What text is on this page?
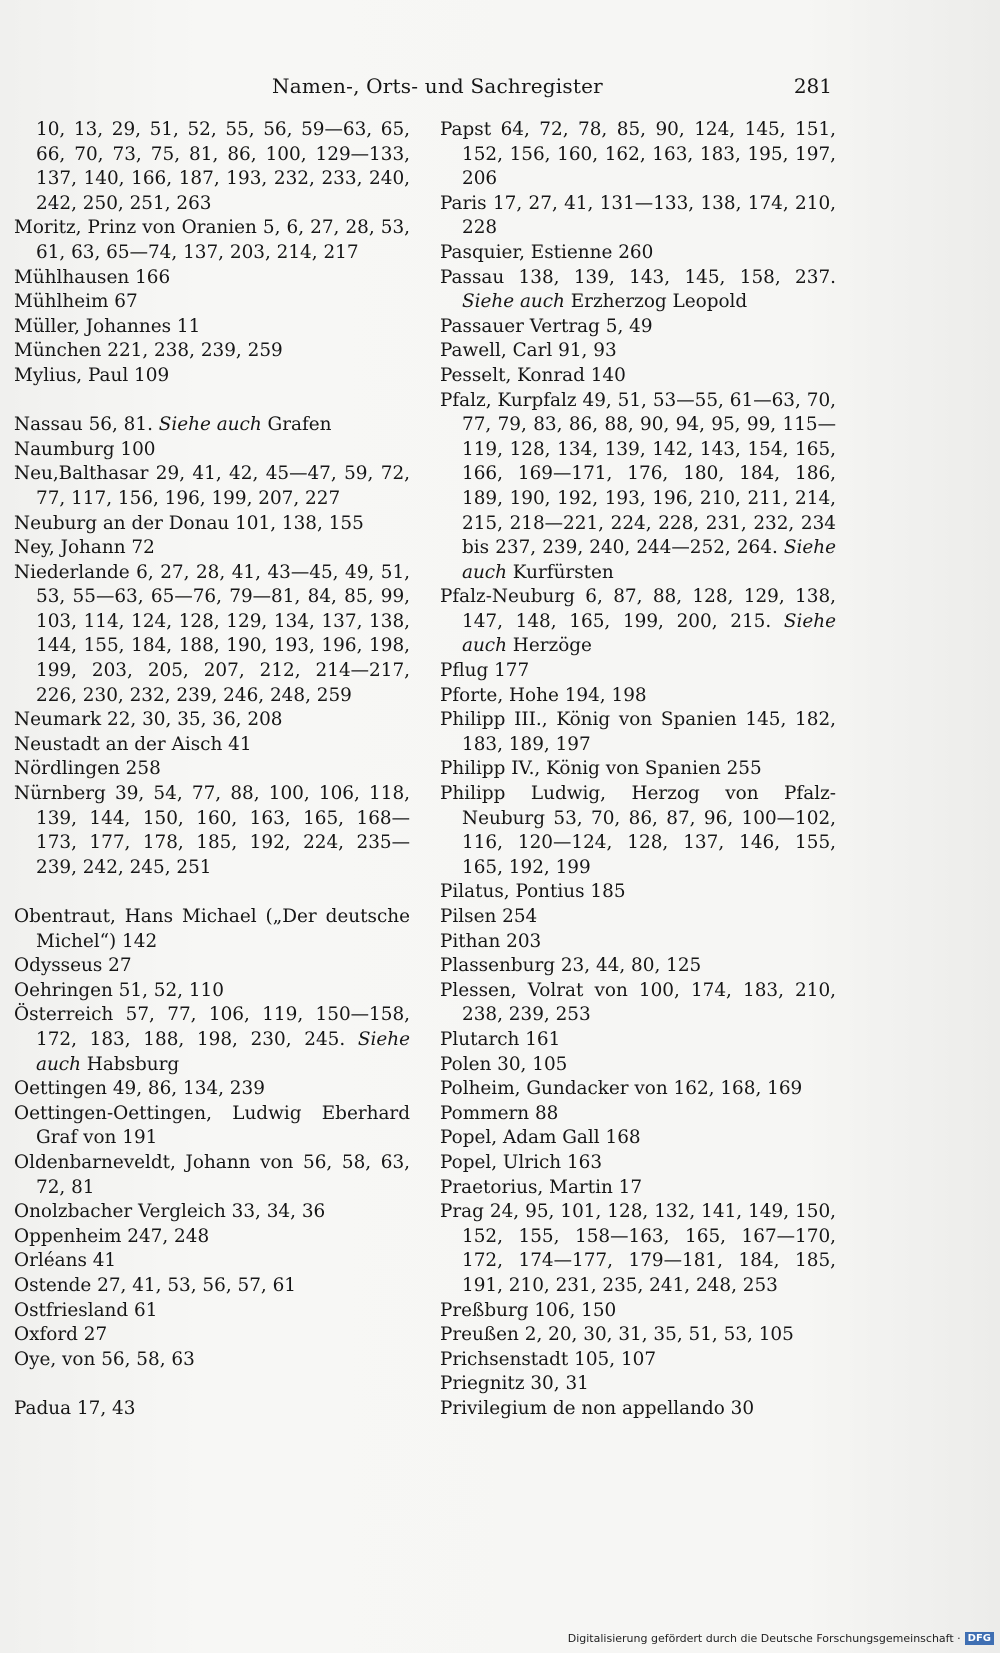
Namen-, Orts- und Sachregister	281
10, 13, 29, 51, 52, 55, 56, 59—63, 65, 66, 70, 73, 75, 81, 86, 100, 129—133, 137, 140, 166, 187, 193, 232, 233, 240, 242, 250, 251, 263
Moritz, Prinz von Oranien 5, 6, 27, 28, 53, 61, 63, 65—74, 137, 203, 214, 217
Mühlhausen 166
Mühlheim 67
Müller, Johannes 11
München 221, 238, 239, 259
Mylius, Paul 109
Nassau 56, 81. Siehe auch Grafen
Naumburg 100
Neu,Balthasar 29, 41, 42, 45—47, 59, 72, 77, 117, 156, 196, 199, 207, 227
Neuburg an der Donau 101, 138, 155
Ney, Johann 72
Niederlande 6, 27, 28, 41, 43—45, 49, 51, 53, 55—63, 65—76, 79—81, 84, 85, 99, 103, 114, 124, 128, 129, 134, 137, 138, 144, 155, 184, 188, 190, 193, 196, 198, 199, 203, 205, 207, 212, 214—217, 226, 230, 232, 239, 246, 248, 259
Neumark 22, 30, 35, 36, 208
Neustadt an der Aisch 41
Nördlingen 258
Nürnberg 39, 54, 77, 88, 100, 106, 118, 139, 144, 150, 160, 163, 165, 168—173, 177, 178, 185, 192, 224, 235—239, 242, 245, 251
Obentraut, Hans Michael („Der deutsche Michel“) 142
Odysseus 27
Oehringen 51, 52, 110
Österreich 57, 77, 106, 119, 150—158, 172, 183, 188, 198, 230, 245. Siehe auch Habsburg
Oettingen 49, 86, 134, 239
Oettingen-Oettingen, Ludwig Eberhard Graf von 191
Oldenbarneveldt, Johann von 56, 58, 63, 72, 81
Onolzbacher Vergleich 33, 34, 36
Oppenheim 247, 248
Orléans 41
Ostende 27, 41, 53, 56, 57, 61
Ostfriesland 61
Oxford 27
Oye, von 56, 58, 63
Padua 17, 43
Papst 64, 72, 78, 85, 90, 124, 145, 151, 152, 156, 160, 162, 163, 183, 195, 197, 206
Paris 17, 27, 41, 131—133, 138, 174, 210, 228
Pasquier, Estienne 260
Passau 138, 139, 143, 145, 158, 237. Siehe auch Erzherzog Leopold
Passauer Vertrag 5, 49
Pawell, Carl 91, 93
Pesselt, Konrad 140
Pfalz, Kurpfalz 49, 51, 53—55, 61—63, 70, 77, 79, 83, 86, 88, 90, 94, 95, 99, 115—119, 128, 134, 139, 142, 143, 154, 165, 166, 169—171, 176, 180, 184, 186, 189, 190, 192, 193, 196, 210, 211, 214, 215, 218—221, 224, 228, 231, 232, 234 bis 237, 239, 240, 244—252, 264. Siehe auch Kurfürsten
Pfalz-Neuburg 6, 87, 88, 128, 129, 138, 147, 148, 165, 199, 200, 215. Siehe auch Herzöge
Pflug 177
Pforte, Hohe 194, 198
Philipp III., König von Spanien 145, 182, 183, 189, 197
Philipp IV., König von Spanien 255
Philipp Ludwig, Herzog von Pfalz-Neuburg 53, 70, 86, 87, 96, 100—102, 116, 120—124, 128, 137, 146, 155, 165, 192, 199
Pilatus, Pontius 185
Pilsen 254
Pithan 203
Plassenburg 23, 44, 80, 125
Plessen, Volrat von 100, 174, 183, 210, 238, 239, 253
Plutarch 161
Polen 30, 105
Polheim, Gundacker von 162, 168, 169
Pommern 88
Popel, Adam Gall 168
Popel, Ulrich 163
Praetorius, Martin 17
Prag 24, 95, 101, 128, 132, 141, 149, 150, 152, 155, 158—163, 165, 167—170, 172, 174—177, 179—181, 184, 185, 191, 210, 231, 235, 241, 248, 253
Preßburg 106, 150
Preußen 2, 20, 30, 31, 35, 51, 53, 105
Prichsenstadt 105, 107
Priegnitz 30, 31
Privilegium de non appellando 30
Digitalisierung gefördert durch die Deutsche Forschungsgemeinschaft · DFG
